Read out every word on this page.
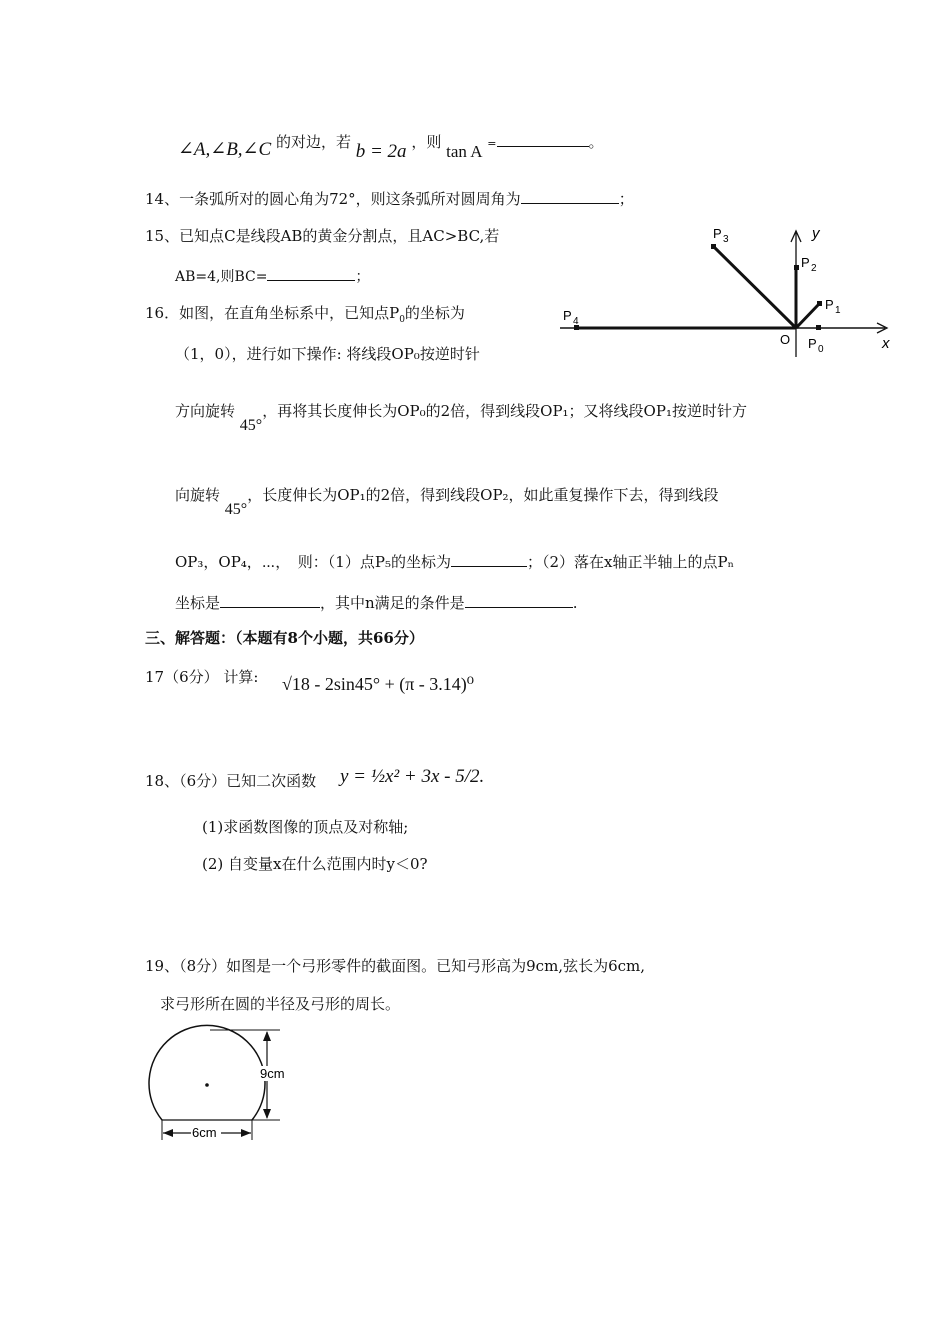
∠A,∠B,∠C 的对边，若 b = 2a ，则 tan A =	。
14、一条弧所对的圆心角为72°，则这条弧所对圆周角为	；
15、已知点C是线段AB的黄金分割点，且AC>BC,若
AB=4,则BC=	；
16．如图，在直角坐标系中，已知点$P_0$的坐标为
（1，0），进行如下操作: 将线段OP₀按逆时针
方向旋转 45°，再将其长度伸长为OP₀的2倍，得到线段OP₁；又将线段OP₁按逆时针方
向旋转 45°，长度伸长为OP₁的2倍，得到线段OP₂，如此重复操作下去，得到线段
OP₃，OP₄，⋯，　则：（1）点P₅的坐标为	；（2）落在x轴正半轴上的点Pₙ
坐标是	，其中n满足的条件是	.
y
x
O P 0
P 1
P 2
P 3
P 4
三、解答题：（本题有8个小题，共66分）
17（6分） 计算: √18 - 2sin45° + (π - 3.14)⁰
18、（6分）已知二次函数 y = ½x² + 3x - 5/2.
(1)求函数图像的顶点及对称轴;
(2) 自变量x在什么范围内时y＜0?
19、（8分）如图是一个弓形零件的截面图。已知弓形高为9cm,弦长为6cm,
求弓形所在圆的半径及弓形的周长。
9cm
6cm
